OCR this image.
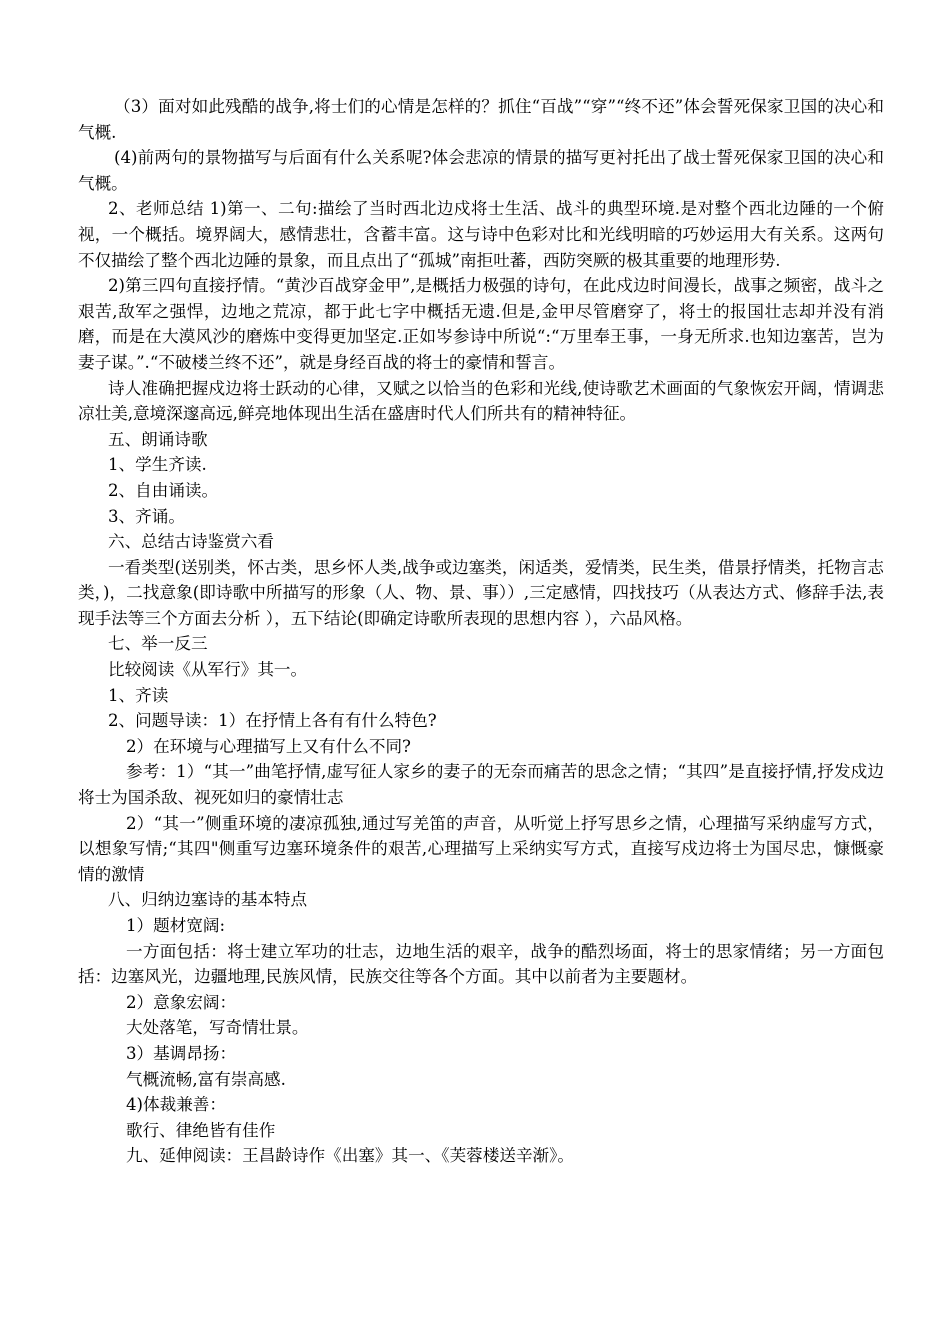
（3）面对如此残酷的战争,将士们的心情是怎样的？抓住“百战”“穿”“终不还”体会誓死保家卫国的决心和气概.

(4)前两句的景物描写与后面有什么关系呢?体会悲凉的情景的描写更衬托出了战士誓死保家卫国的决心和气概。

2、老师总结 1)第一、二句:描绘了当时西北边戍将士生活、战斗的典型环境.是对整个西北边陲的一个俯视，一个概括。境界阔大，感情悲壮，含蓄丰富。这与诗中色彩对比和光线明暗的巧妙运用大有关系。这两句不仅描绘了整个西北边陲的景象，而且点出了“孤城”南拒吐蕃，西防突厥的极其重要的地理形势.

2)第三四句直接抒情。“黄沙百战穿金甲”,是概括力极强的诗句，在此戍边时间漫长，战事之频密，战斗之艰苦,敌军之强悍，边地之荒凉，都于此七字中概括无遗.但是,金甲尽管磨穿了，将士的报国壮志却并没有消磨，而是在大漠风沙的磨炼中变得更加坚定.正如岑参诗中所说“:“万里奉王事，一身无所求.也知边塞苦，岂为妻子谋。”.“不破楼兰终不还”，就是身经百战的将士的豪情和誓言。

诗人准确把握戍边将士跃动的心律，又赋之以恰当的色彩和光线,使诗歌艺术画面的气象恢宏开阔，情调悲凉壮美,意境深邃高远,鲜亮地体现出生活在盛唐时代人们所共有的精神特征。

五、朗诵诗歌

1、学生齐读.

2、自由诵读。

3、齐诵。

六、总结古诗鉴赏六看

一看类型(送别类，怀古类，思乡怀人类,战争或边塞类，闲适类，爱情类，民生类，借景抒情类，托物言志类，)，二找意象(即诗歌中所描写的形象（人、物、景、事））,三定感情，四找技巧（从表达方式、修辞手法,表现手法等三个方面去分析 ），五下结论(即确定诗歌所表现的思想内容 ），六品风格。

七、举一反三

比较阅读《从军行》其一。

1、齐读

2、问题导读：1）在抒情上各有有什么特色?

2）在环境与心理描写上又有什么不同?

参考：1）“其一”曲笔抒情,虚写征人家乡的妻子的无奈而痛苦的思念之情；“其四”是直接抒情,抒发戍边将士为国杀敌、视死如归的豪情壮志

2）“其一”侧重环境的凄凉孤独,通过写羌笛的声音，从听觉上抒写思乡之情，心理描写采纳虚写方式，以想象写情;“其四"侧重写边塞环境条件的艰苦,心理描写上采纳实写方式，直接写戍边将士为国尽忠，慷慨豪情的激情

八、归纳边塞诗的基本特点

1）题材宽阔:

一方面包括：将士建立军功的壮志，边地生活的艰辛，战争的酷烈场面，将士的思家情绪；另一方面包括：边塞风光，边疆地理,民族风情，民族交往等各个方面。其中以前者为主要题材。

2）意象宏阔：

大处落笔，写奇情壮景。

3）基调昂扬：

气概流畅,富有崇高感.

4)体裁兼善：

歌行、律绝皆有佳作

九、延伸阅读：王昌龄诗作《出塞》其一、《芙蓉楼送辛渐》。
